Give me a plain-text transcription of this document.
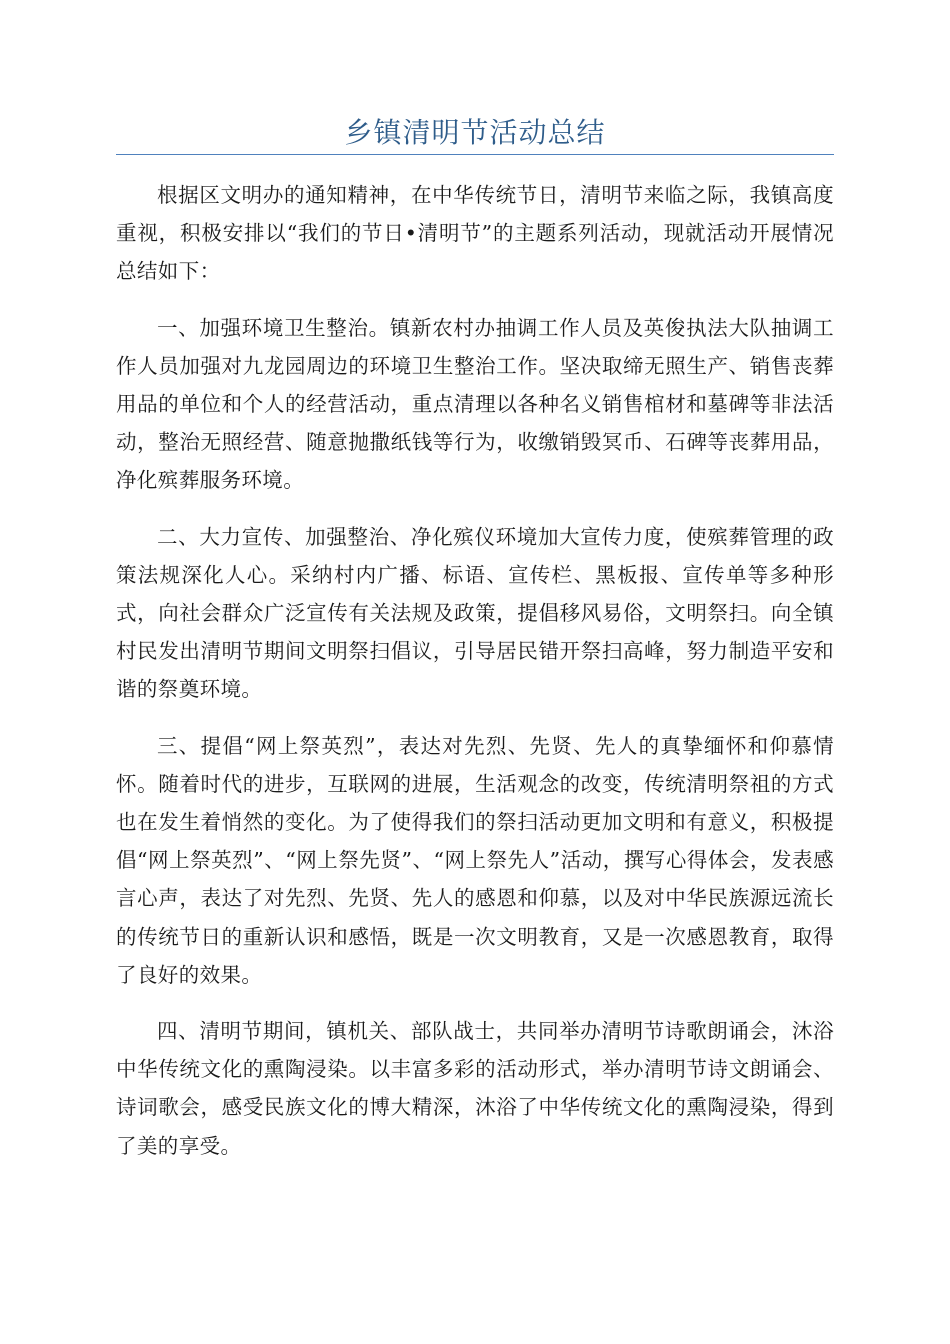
乡镇清明节活动总结

根据区文明办的通知精神，在中华传统节日，清明节来临之际，我镇高度重视，积极安排以“我们的节日•清明节”的主题系列活动，现就活动开展情况总结如下：

一、加强环境卫生整治。镇新农村办抽调工作人员及英俊执法大队抽调工作人员加强对九龙园周边的环境卫生整治工作。坚决取缔无照生产、销售丧葬用品的单位和个人的经营活动，重点清理以各种名义销售棺材和墓碑等非法活动，整治无照经营、随意抛撒纸钱等行为，收缴销毁冥币、石碑等丧葬用品，净化殡葬服务环境。

二、大力宣传、加强整治、净化殡仪环境加大宣传力度，使殡葬管理的政策法规深化人心。采纳村内广播、标语、宣传栏、黑板报、宣传单等多种形式，向社会群众广泛宣传有关法规及政策，提倡移风易俗，文明祭扫。向全镇村民发出清明节期间文明祭扫倡议，引导居民错开祭扫高峰，努力制造平安和谐的祭奠环境。

三、提倡“网上祭英烈”，表达对先烈、先贤、先人的真挚缅怀和仰慕情怀。随着时代的进步，互联网的进展，生活观念的改变，传统清明祭祖的方式也在发生着悄然的变化。为了使得我们的祭扫活动更加文明和有意义，积极提倡“网上祭英烈”、“网上祭先贤”、“网上祭先人”活动，撰写心得体会，发表感言心声，表达了对先烈、先贤、先人的感恩和仰慕，以及对中华民族源远流长的传统节日的重新认识和感悟，既是一次文明教育，又是一次感恩教育，取得了良好的效果。

四、清明节期间，镇机关、部队战士，共同举办清明节诗歌朗诵会，沐浴中华传统文化的熏陶浸染。以丰富多彩的活动形式，举办清明节诗文朗诵会、诗词歌会，感受民族文化的博大精深，沐浴了中华传统文化的熏陶浸染，得到了美的享受。
